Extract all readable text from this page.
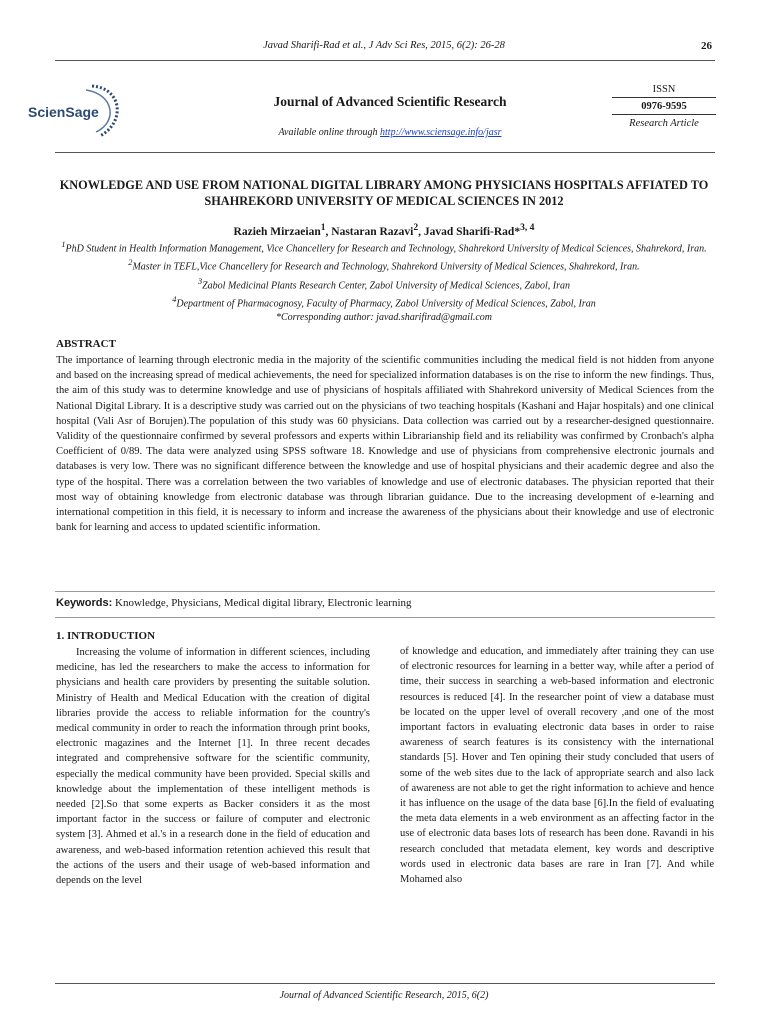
Javad Sharifi-Rad et al., J Adv Sci Res, 2015, 6(2): 26-28	26
ScienSage
Journal of Advanced Scientific Research
Available online through http://www.sciensage.info/jasr
ISSN
0976-9595
Research Article
KNOWLEDGE AND USE FROM NATIONAL DIGITAL LIBRARY AMONG PHYSICIANS HOSPITALS AFFIATED TO SHAHREKORD UNIVERSITY OF MEDICAL SCIENCES IN 2012
Razieh Mirzaeian$^1$, Nastaran Razavi$^2$, Javad Sharifi-Rad*$^{3, 4}$

$^1$PhD Student in Health Information Management, Vice Chancellery for Research and Technology, Shahrekord University of Medical Sciences, Shahrekord, Iran.

$^2$Master in TEFL,Vice Chancellery for Research and Technology, Shahrekord University of Medical Sciences, Shahrekord, Iran.

$^3$Zabol Medicinal Plants Research Center, Zabol University of Medical Sciences, Zabol, Iran

$^4$Department of Pharmacognosy, Faculty of Pharmacy, Zabol University of Medical Sciences, Zabol, Iran

*Corresponding author: javad.sharifirad@gmail.com

ABSTRACT
The importance of learning through electronic media in the majority of the scientific communities including the medical field is not hidden from anyone and based on the increasing spread of medical achievements, the need for specialized information databases is on the rise to inform the new findings. Thus, the aim of this study was to determine knowledge and use of physicians of hospitals affiliated with Shahrekord university of Medical Sciences from the National Digital Library. It is a descriptive study was carried out on the physicians of two teaching hospitals (Kashani and Hajar hospitals) and one clinical hospital (Vali Asr of Borujen).The population of this study was 60 physicians. Data collection was carried out by a researcher-designed questionnaire. Validity of the questionnaire confirmed by several professors and experts within Librarianship field and its reliability was confirmed by Cronbach's alpha Coefficient of 0/89. The data were analyzed using SPSS software 18. Knowledge and use of physicians from comprehensive electronic journals and databases is very low. There was no significant difference between the knowledge and use of hospital physicians and their academic degree and also the type of the hospital. There was a correlation between the two variables of knowledge and use of electronic databases. The physician reported that their most way of obtaining knowledge from electronic database was through librarian guidance. Due to the increasing development of e-learning and international competition in this field, it is necessary to inform and increase the awareness of the physicians about their knowledge and use of electronic bank for learning and access to updated scientific information.
Keywords: Knowledge, Physicians, Medical digital library, Electronic learning
1. INTRODUCTION
Increasing the volume of information in different sciences, including medicine, has led the researchers to make the access to information for physicians and health care providers by presenting the suitable solution. Ministry of Health and Medical Education with the creation of digital libraries provide the access to reliable information for the country's medical community in order to reach the information through print books, electronic magazines and the Internet [1]. In three recent decades integrated and comprehensive software for the scientific community, especially the medical community have been provided. Special skills and knowledge about the implementation of these intelligent methods is needed [2].So that some experts as Backer considers it as the most important factor in the success or failure of computer and electronic system [3]. Ahmed et al.'s in a research done in the field of education and awareness, and web-based information retention achieved this result that the actions of the users and their usage of web-based information and depends on the level
of knowledge and education, and immediately after training they can use of electronic resources for learning in a better way, while after a period of time, their success in searching a web-based information and electronic resources is reduced [4]. In the researcher point of view a database must be located on the upper level of overall recovery ,and one of the most important factors in evaluating electronic data bases in order to raise awareness of search features is its consistency with the international standards [5]. Hover and Ten opining their study concluded that users of some of the web sites due to the lack of appropriate search and also lack of awareness are not able to get the right information to achieve and hence it has influence on the usage of the data base [6].In the field of evaluating the meta data elements in a web environment as an affecting factor in the use of electronic data bases lots of research has been done. Ravandi in his research concluded that metadata element, key words and descriptive words used in electronic data bases are rare in Iran [7]. And while Mohamed also
Journal of Advanced Scientific Research, 2015, 6(2)
